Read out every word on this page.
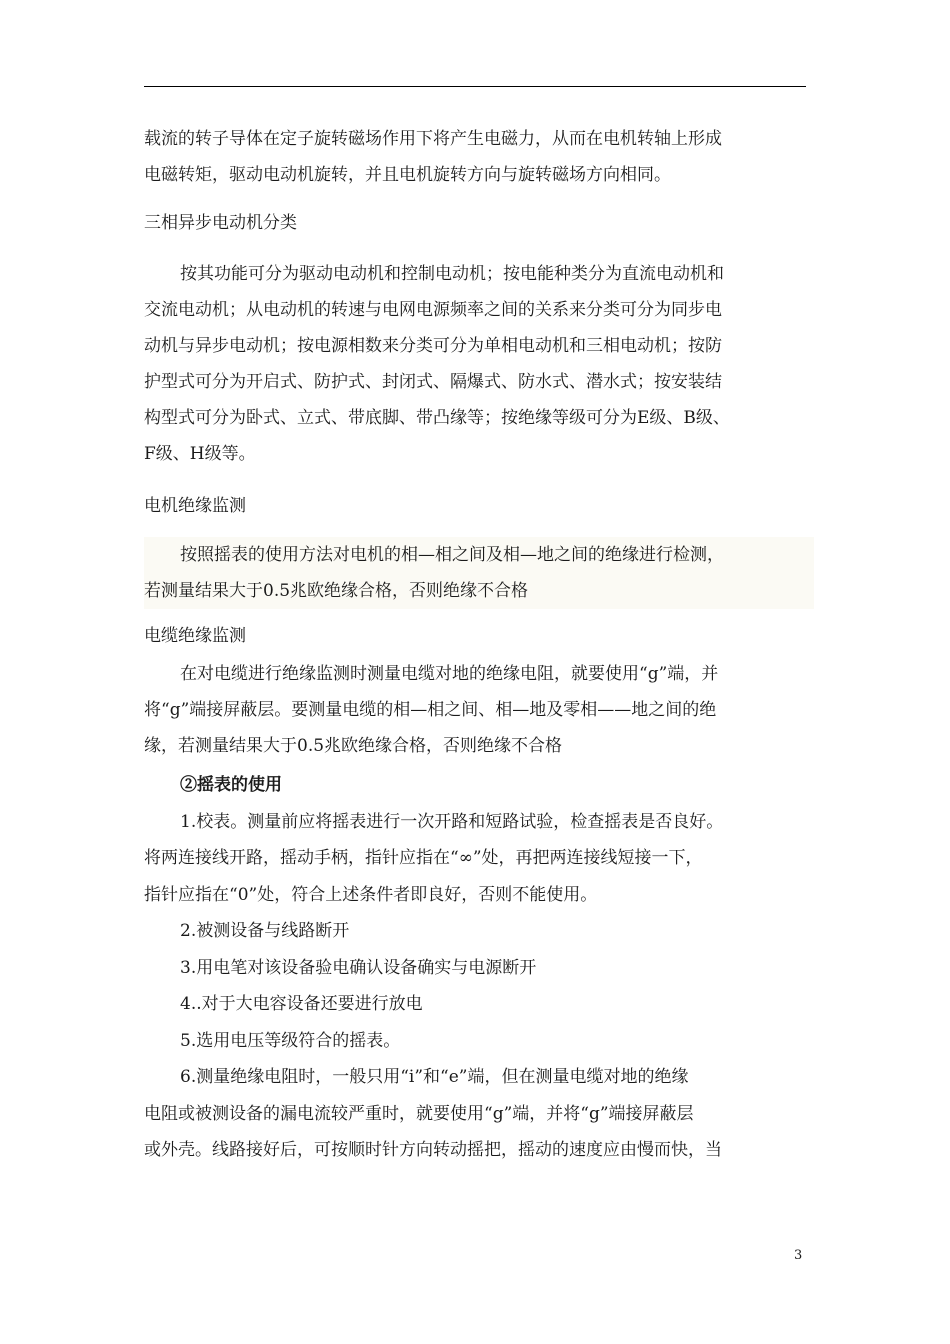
载流的转子导体在定子旋转磁场作用下将产生电磁力，从而在电机转轴上形成
电磁转矩，驱动电动机旋转，并且电机旋转方向与旋转磁场方向相同。
三相异步电动机分类
按其功能可分为驱动电动机和控制电动机；按电能种类分为直流电动机和
交流电动机；从电动机的转速与电网电源频率之间的关系来分类可分为同步电
动机与异步电动机；按电源相数来分类可分为单相电动机和三相电动机；按防
护型式可分为开启式、防护式、封闭式、隔爆式、防水式、潜水式；按安装结
构型式可分为卧式、立式、带底脚、带凸缘等；按绝缘等级可分为E级、B级、
F级、H级等。
电机绝缘监测
按照摇表的使用方法对电机的相—相之间及相—地之间的绝缘进行检测，
若测量结果大于0.5兆欧绝缘合格，否则绝缘不合格
电缆绝缘监测
在对电缆进行绝缘监测时测量电缆对地的绝缘电阻，就要使用“g”端，并
将“g”端接屏蔽层。要测量电缆的相—相之间、相—地及零相——地之间的绝
缘，若测量结果大于0.5兆欧绝缘合格，否则绝缘不合格
②摇表的使用
1.校表。测量前应将摇表进行一次开路和短路试验，检查摇表是否良好。
将两连接线开路，摇动手柄，指针应指在“∞”处，再把两连接线短接一下，
指针应指在“0”处，符合上述条件者即良好，否则不能使用。
2.被测设备与线路断开
3.用电笔对该设备验电确认设备确实与电源断开
4..对于大电容设备还要进行放电
5.选用电压等级符合的摇表。
6.测量绝缘电阻时，一般只用“i”和“e”端，但在测量电缆对地的绝缘
电阻或被测设备的漏电流较严重时，就要使用“g”端，并将“g”端接屏蔽层
或外壳。线路接好后，可按顺时针方向转动摇把，摇动的速度应由慢而快，当
3
